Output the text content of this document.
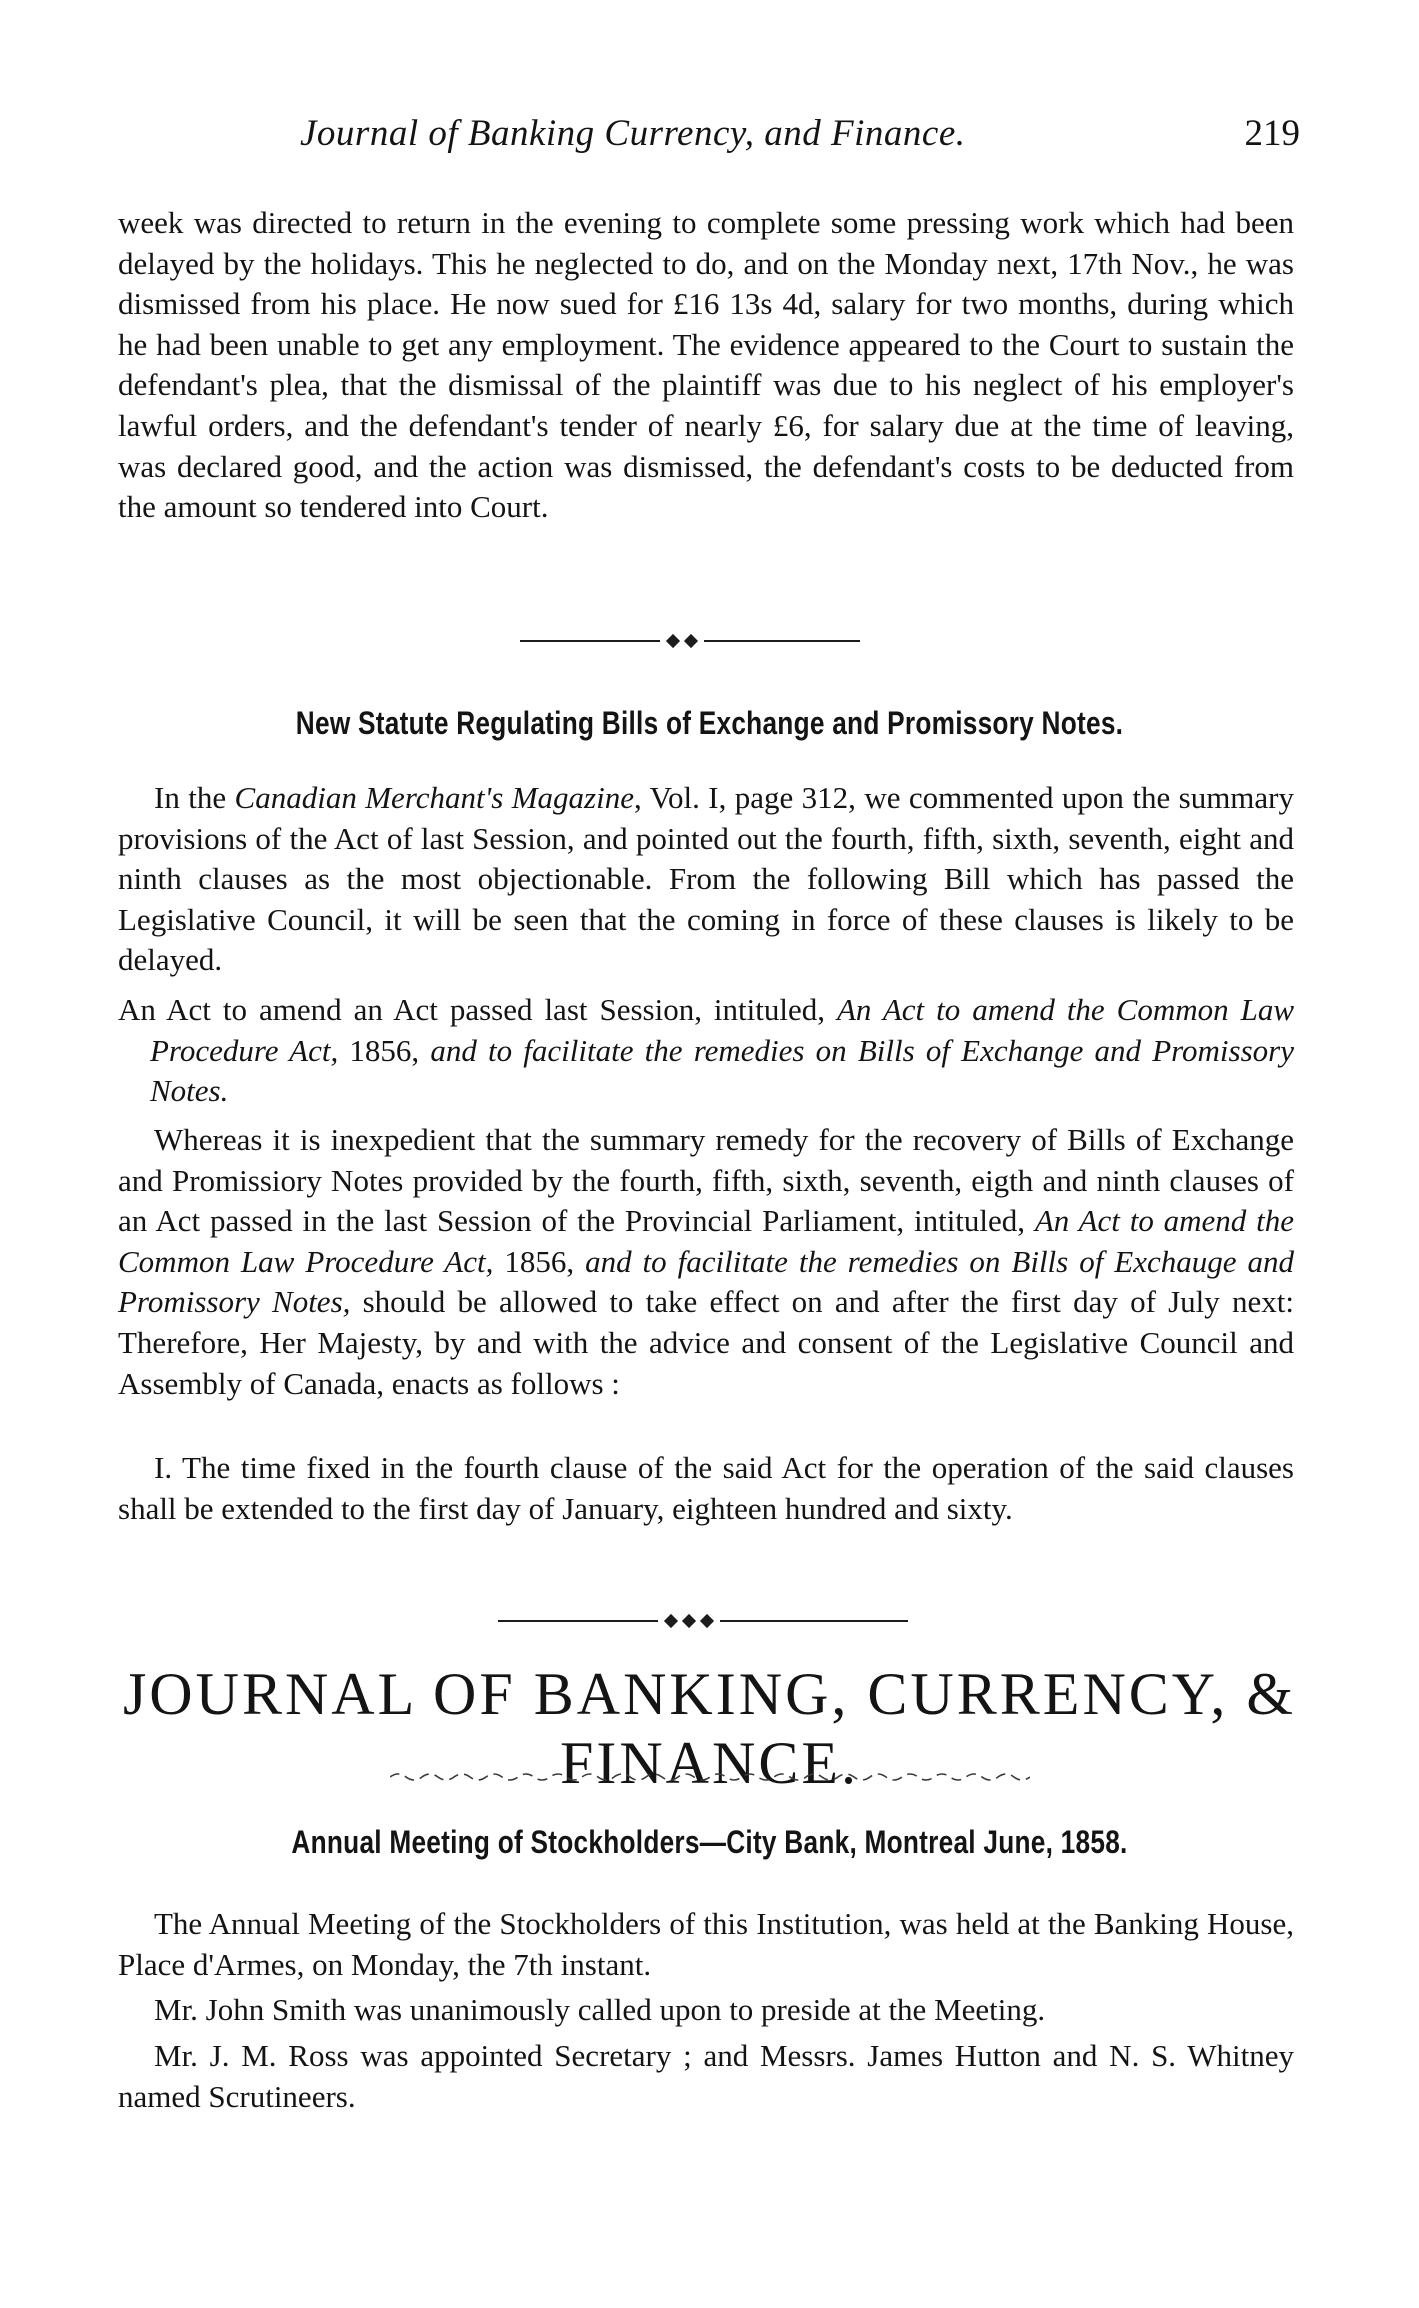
Journal of Banking Currency, and Finance.	219

week was directed to return in the evening to complete some pressing work which had been delayed by the holidays. This he neglected to do, and on the Monday next, 17th Nov., he was dismissed from his place. He now sued for £16 13s 4d, salary for two months, during which he had been unable to get any employment. The evidence appeared to the Court to sustain the defendant's plea, that the dismissal of the plaintiff was due to his neglect of his employer's lawful orders, and the defendant's tender of nearly £6, for salary due at the time of leaving, was declared good, and the action was dismissed, the defendant's costs to be deducted from the amount so tendered into Court.

New Statute Regulating Bills of Exchange and Promissory Notes.

In the Canadian Merchant's Magazine, Vol. I, page 312, we commented upon the summary provisions of the Act of last Session, and pointed out the fourth, fifth, sixth, seventh, eight and ninth clauses as the most objectionable. From the following Bill which has passed the Legislative Council, it will be seen that the coming in force of these clauses is likely to be delayed.

An Act to amend an Act passed last Session, intituled, An Act to amend the Common Law Procedure Act, 1856, and to facilitate the remedies on Bills of Exchange and Promissory Notes.

Whereas it is inexpedient that the summary remedy for the recovery of Bills of Exchange and Promissiory Notes provided by the fourth, fifth, sixth, seventh, eigth and ninth clauses of an Act passed in the last Session of the Provincial Parliament, intituled, An Act to amend the Common Law Procedure Act, 1856, and to facilitate the remedies on Bills of Exchauge and Promissory Notes, should be allowed to take effect on and after the first day of July next: Therefore, Her Majesty, by and with the advice and consent of the Legislative Council and Assembly of Canada, enacts as follows :

I. The time fixed in the fourth clause of the said Act for the operation of the said clauses shall be extended to the first day of January, eighteen hundred and sixty.

JOURNAL OF BANKING, CURRENCY, & FINANCE.
Annual Meeting of Stockholders—City Bank, Montreal June, 1858.

The Annual Meeting of the Stockholders of this Institution, was held at the Banking House, Place d'Armes, on Monday, the 7th instant.

Mr. John Smith was unanimously called upon to preside at the Meeting.

Mr. J. M. Ross was appointed Secretary ; and Messrs. James Hutton and N. S. Whitney named Scrutineers.
